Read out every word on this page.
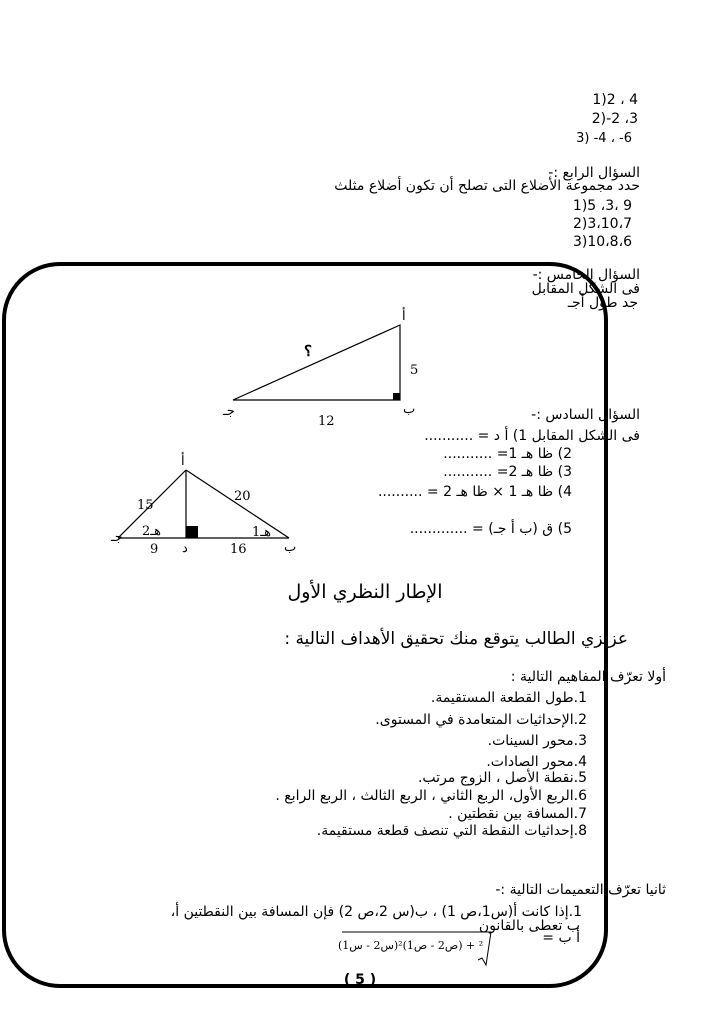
4 ، 2(1
3، 2-(2
6- ، 4- (3
السؤال الرابع :-
حدد مجموعة الأضلاع التى تصلح أن تكون أضلاع مثلث
9 ،3، 5(1
3،10،7(2
10،8،6(3
السؤال الخامس :-
فى الشكل المقابل
جد طول أجـ
أ
ب
جـ
5
12
؟
أ
ب
جـ
د
هـ1
هـ2
15
20
9	16
السؤال السادس :-
فى الشكل المقابل 1) أ د = ...........
2) ظا هـ 1= ...........
3) ظا هـ 2= ...........
4) ظا هـ 1 × ظا هـ 2 = ..........
5) ق (ب أ جـ) = .............
الإطار النظري الأول
عزيزي الطالب يتوقع منك تحقيق الأهداف التالية :
أولا تعرّف المفاهيم التالية :
1.طول القطعة المستقيمة.
2.الإحداثيات المتعامدة في المستوى.
3.محور السينات.
4.محور الصادات.
5.نقطة الأصل ، الزوج مرتب.
6.الربع الأول، الربع الثاني ، الربع الثالث ، الربع الرابع .
7.المسافة بين نقطتين .
8.إحداثيات النقطة التي تنصف قطعة مستقيمة.
ثانيا تعرّف التعميمات التالية :-
1.إذا كانت أ(س1،ص 1) ، ب(س 2،ص 2) فإن المسافة بين النقطتين أ،
ب تعطى بالقانون
أ ب =
(س2 - س1)² + (ص2 - ص1)²
( 5 )
